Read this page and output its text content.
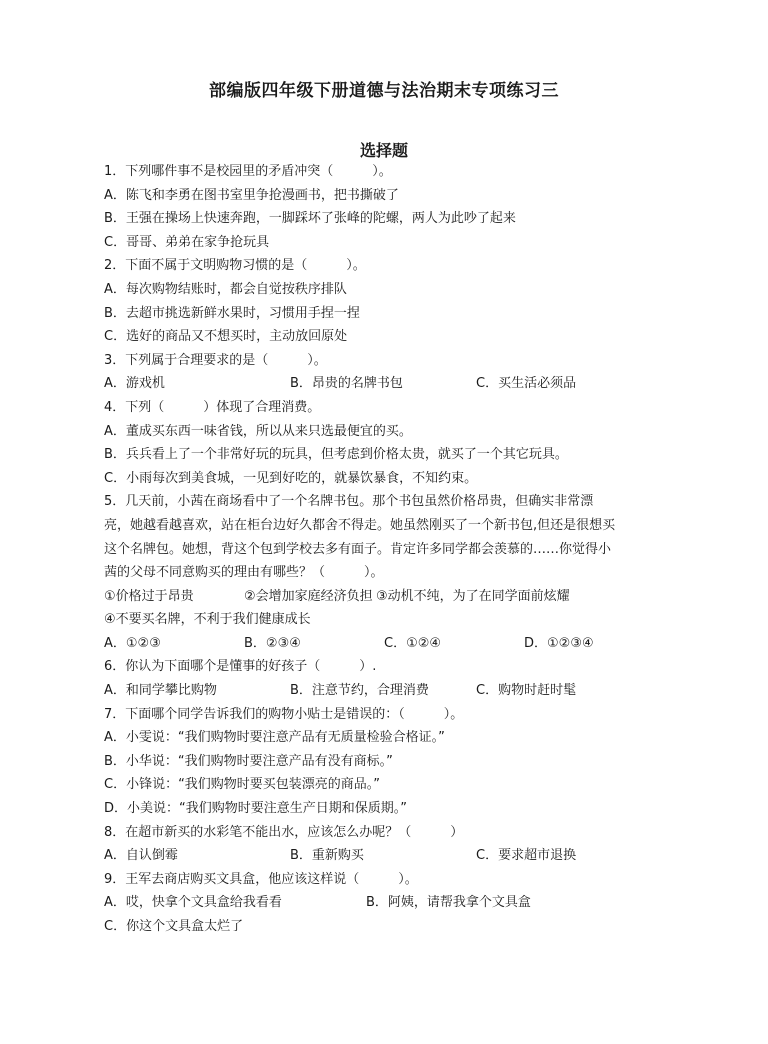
部编版四年级下册道德与法治期末专项练习三
选择题
1．下列哪件事不是校园里的矛盾冲突（　　　）。
A．陈飞和李勇在图书室里争抢漫画书，把书撕破了
B．王强在操场上快速奔跑，一脚踩坏了张峰的陀螺，两人为此吵了起来
C．哥哥、弟弟在家争抢玩具
2．下面不属于文明购物习惯的是（　　　）。
A．每次购物结账时，都会自觉按秩序排队
B．去超市挑选新鲜水果时，习惯用手捏一捏
C．选好的商品又不想买时，主动放回原处
3．下列属于合理要求的是（　　　）。
A．游戏机	B．昂贵的名牌书包	C．买生活必须品
4．下列（　　　）体现了合理消费。
A．董成买东西一味省钱，所以从来只选最便宜的买。
B．兵兵看上了一个非常好玩的玩具，但考虑到价格太贵，就买了一个其它玩具。
C．小雨每次到美食城，一见到好吃的，就暴饮暴食，不知约束。
5．几天前，小茜在商场看中了一个名牌书包。那个书包虽然价格昂贵，但确实非常漂
亮，她越看越喜欢，站在柜台边好久都舍不得走。她虽然刚买了一个新书包,但还是很想买
这个名牌包。她想，背这个包到学校去多有面子。肯定许多同学都会羡慕的……你觉得小
茜的父母不同意购买的理由有哪些？（　　　）。
①价格过于昂贵	②会增加家庭经济负担 ③动机不纯，为了在同学面前炫耀
④不要买名牌，不利于我们健康成长
A．①②③	B．②③④	C．①②④	D．①②③④
6．你认为下面哪个是懂事的好孩子（　　　）.
A．和同学攀比购物	B．注意节约，合理消费	C．购物时赶时髦
7．下面哪个同学告诉我们的购物小贴士是错误的：（　　　）。
A．小雯说：“我们购物时要注意产品有无质量检验合格证。”
B．小华说：“我们购物时要注意产品有没有商标。”
C．小锋说：“我们购物时要买包装漂亮的商品。”
D．小美说：“我们购物时要注意生产日期和保质期。”
8．在超市新买的水彩笔不能出水，应该怎么办呢？（　　　）
A．自认倒霉	B．重新购买	C．要求超市退换
9．王军去商店购买文具盒，他应该这样说（　　　）。
A．哎，快拿个文具盒给我看看	B．阿姨，请帮我拿个文具盒
C．你这个文具盒太烂了
